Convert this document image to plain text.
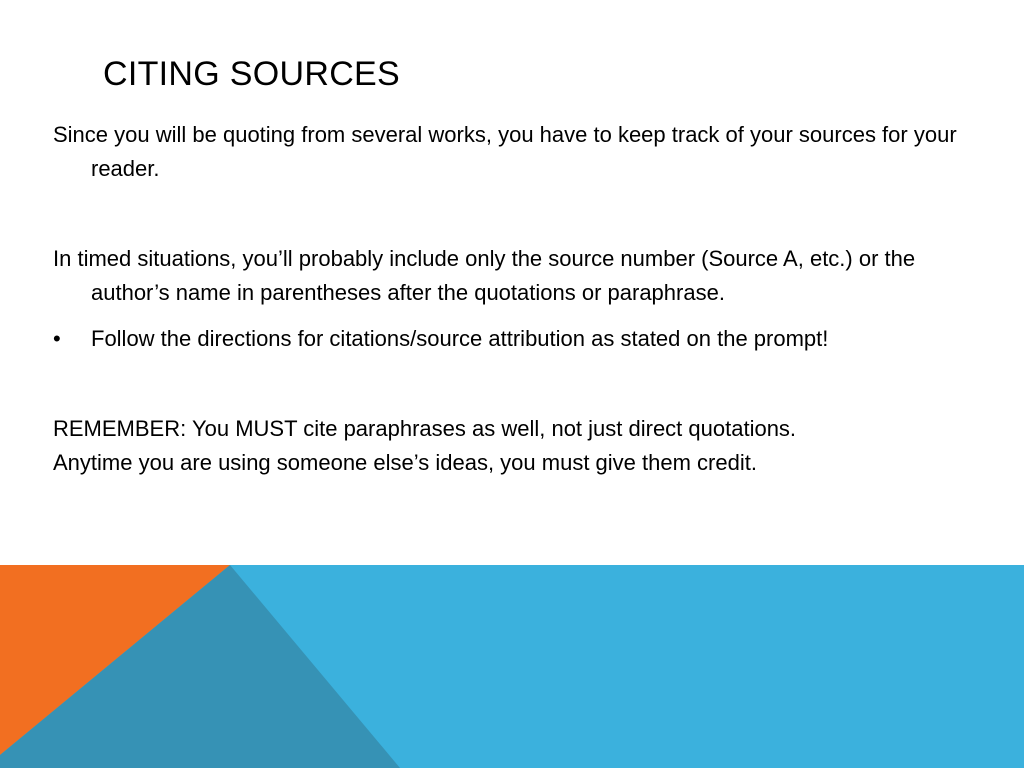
CITING SOURCES

Since you will be quoting from several works, you have to keep track of your sources for your reader.

In timed situations, you’ll probably include only the source number (Source A, etc.) or the author’s name in parentheses after the quotations or paraphrase.

•	Follow the directions for citations/source attribution as stated on the prompt!

REMEMBER: You MUST cite paraphrases as well, not just direct quotations.

Anytime you are using someone else’s ideas, you must give them credit.
